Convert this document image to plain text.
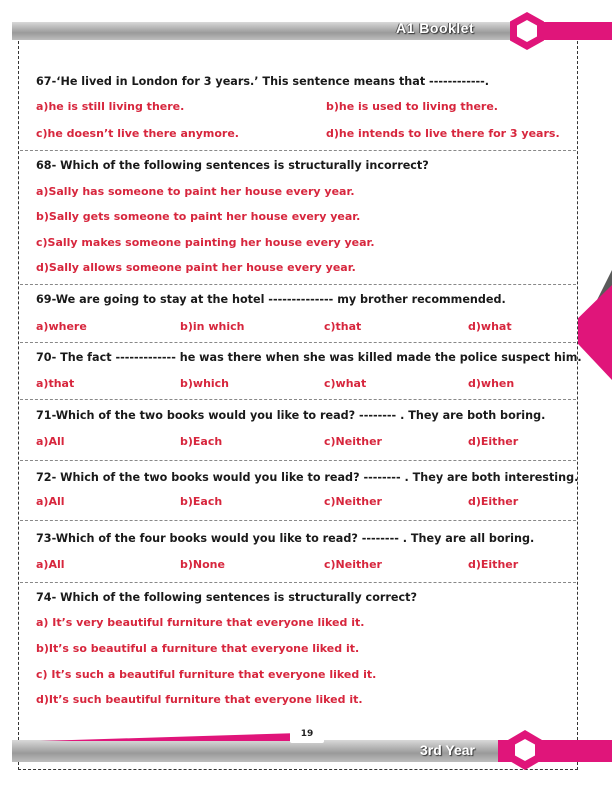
A1 Booklet
67-‘He lived in London for 3 years.’ This sentence means that ------------.
a)he is still living there.	b)he is used to living there.
c)he doesn’t live there anymore.	d)he intends to live there for 3 years.
68- Which of the following sentences is structurally incorrect?
a)Sally has someone to paint her house every year.
b)Sally gets someone to paint her house every year.
c)Sally makes someone painting her house every year.
d)Sally allows someone paint her house every year.
69-We are going to stay at the hotel -------------- my brother recommended.
a)where	b)in which	c)that	d)what
70- The fact ------------- he was there when she was killed made the police suspect him.
a)that	b)which	c)what	d)when
71-Which of the two books would you like to read? -------- . They are both boring.
a)All	b)Each	c)Neither	d)Either
72- Which of the two books would you like to read? -------- . They are both interesting.
a)All	b)Each	c)Neither	d)Either
73-Which of the four books would you like to read? -------- . They are all boring.
a)All	b)None	c)Neither	d)Either
74- Which of the following sentences is structurally correct?
a) It’s very beautiful furniture that everyone liked it.
b)It’s so beautiful a furniture that everyone liked it.
c) It’s such a beautiful furniture that everyone liked it.
d)It’s such beautiful furniture that everyone liked it.
19
3rd Year
